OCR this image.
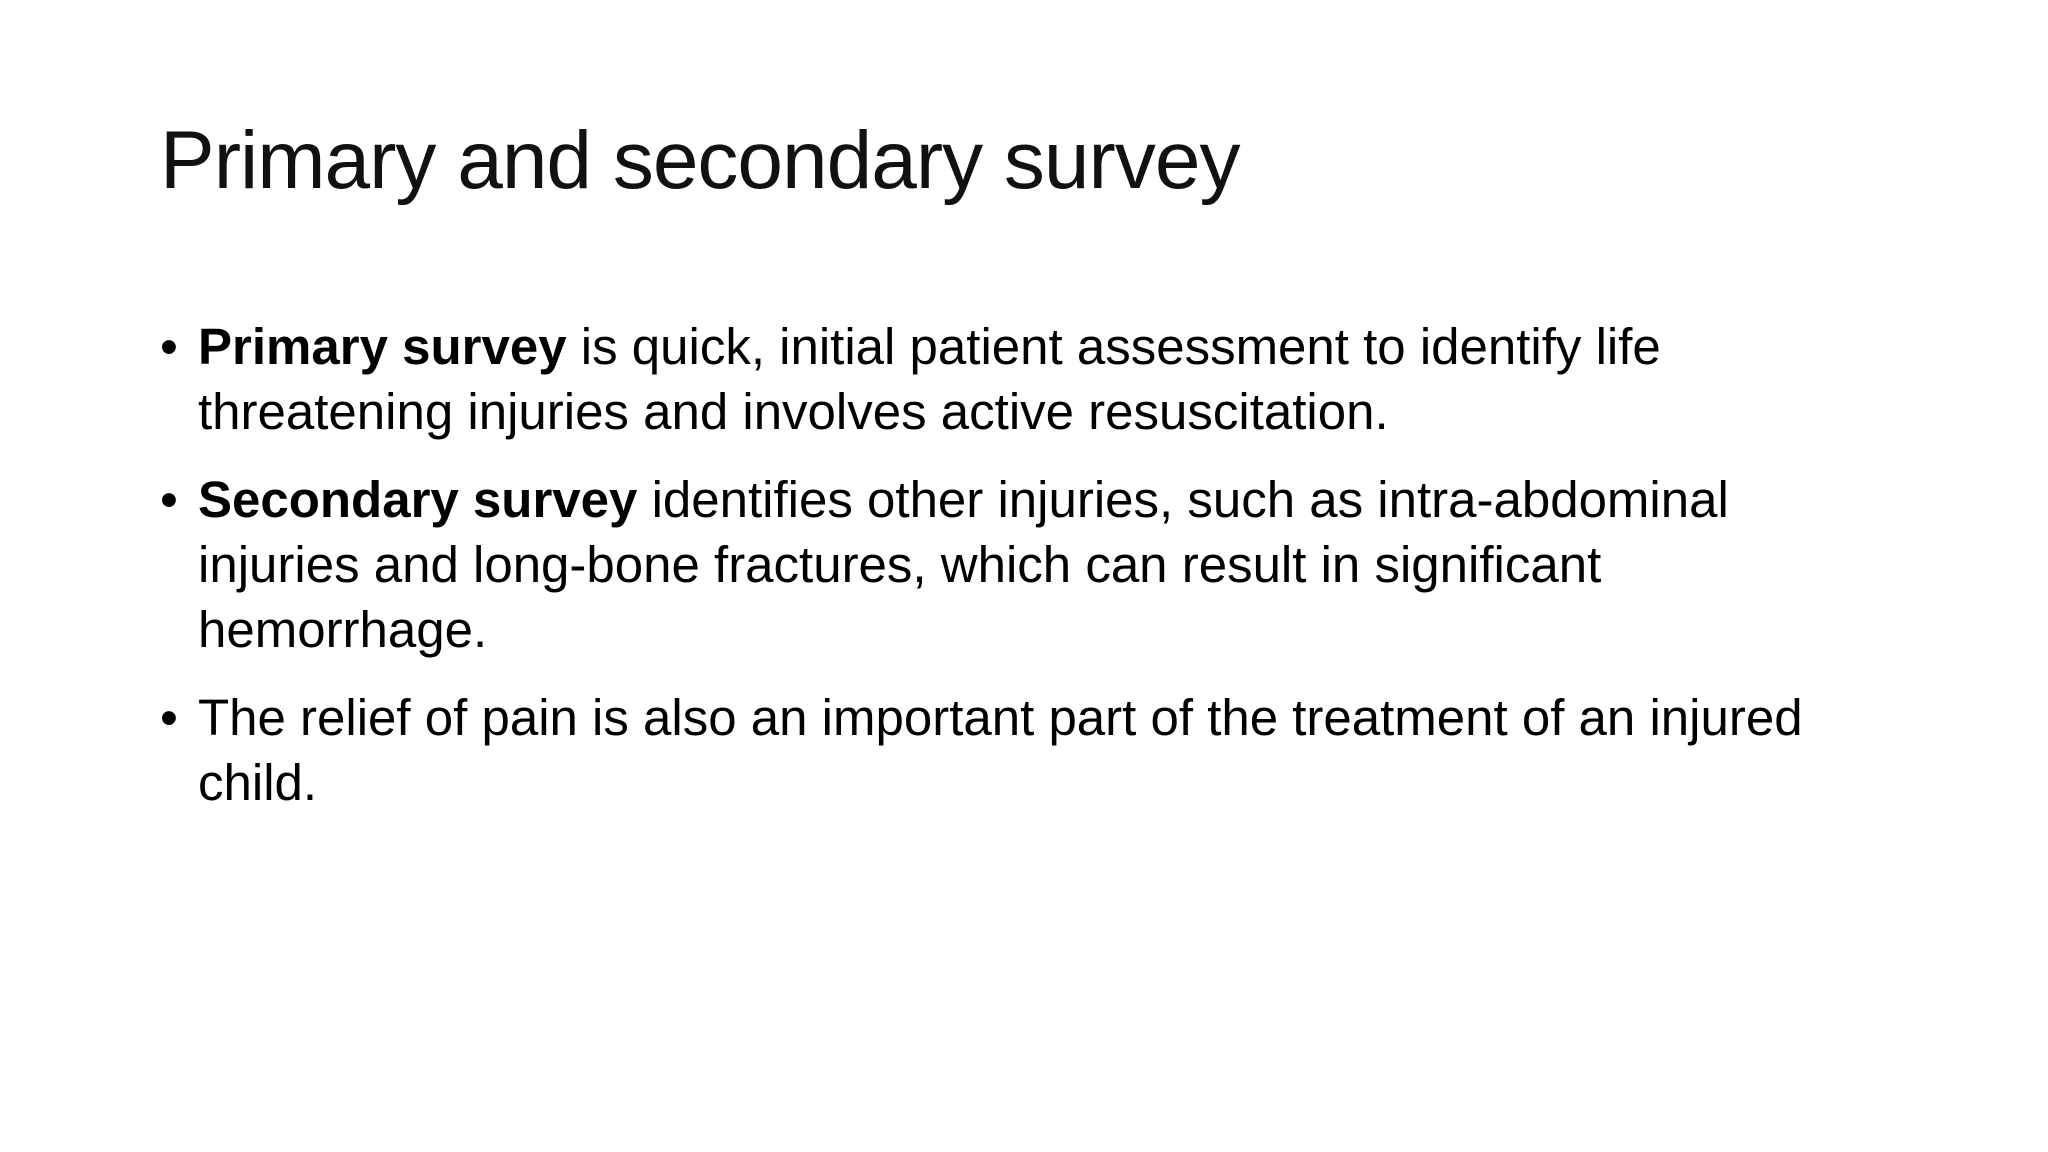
Primary and secondary survey
• Primary survey is quick, initial patient assessment to identify life threatening injuries and involves active resuscitation.
• Secondary survey identifies other injuries, such as intra-abdominal injuries and long-bone fractures, which can result in significant hemorrhage.
• The relief of pain is also an important part of the treatment of an injured child.
